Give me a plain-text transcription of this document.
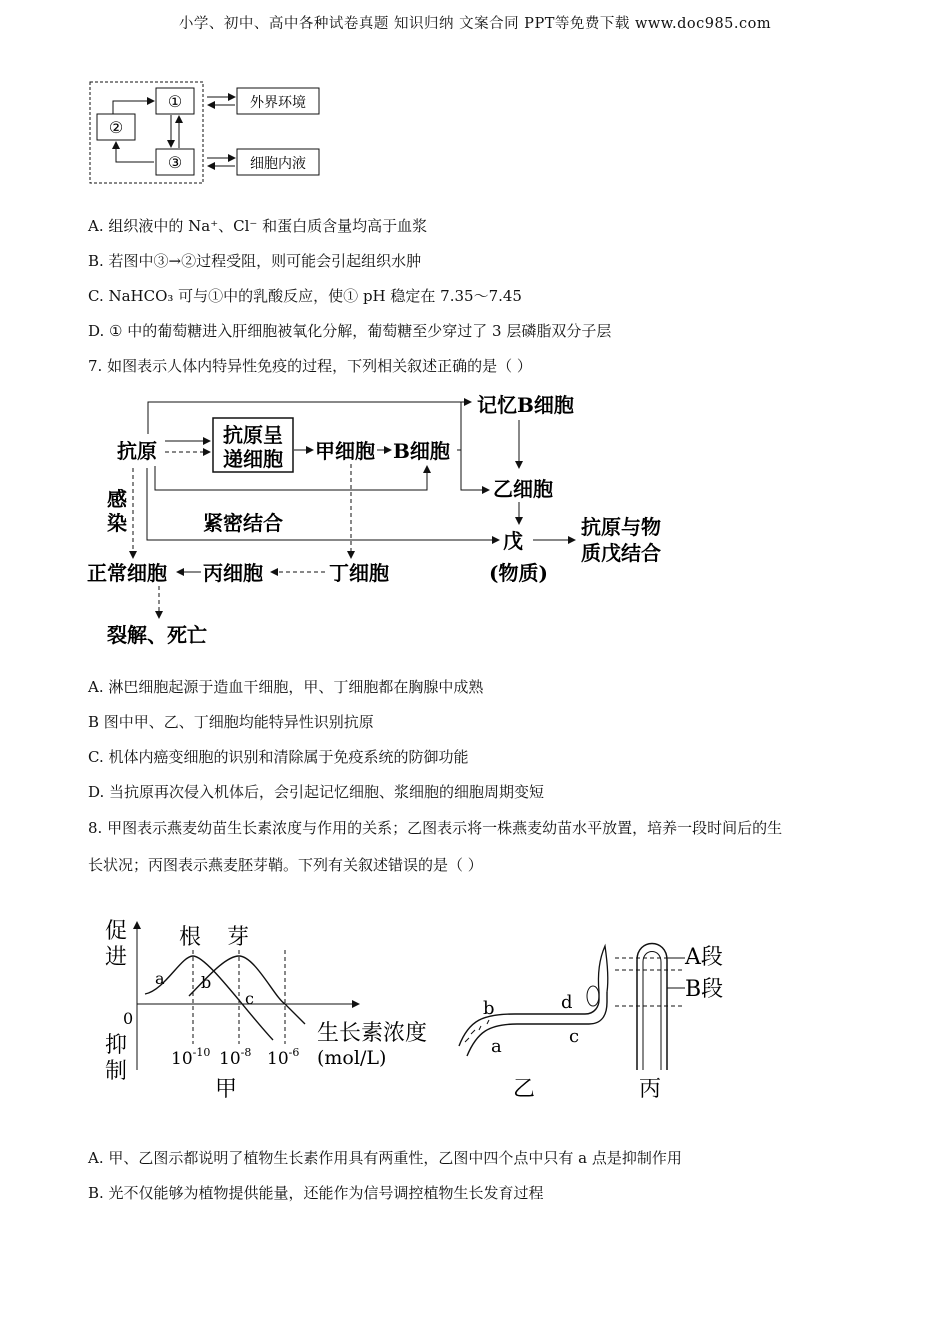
小学、初中、高中各种试卷真题 知识归纳 文案合同 PPT等免费下载 www.doc985.com
①
②
③
外界环境
细胞内液
A. 组织液中的 Na⁺、Cl⁻ 和蛋白质含量均高于血浆
B. 若图中③→②过程受阻，则可能会引起组织水肿
C. NaHCO₃ 可与①中的乳酸反应，使① pH 稳定在 7.35～7.45
D. ① 中的葡萄糖进入肝细胞被氧化分解，葡萄糖至少穿过了 3 层磷脂双分子层
7. 如图表示人体内特异性免疫的过程，下列相关叙述正确的是（ ）
抗原
抗原呈
递细胞 甲细胞 B细胞
记忆B细胞
乙细胞
感
染	紧密结合
戊
(物质)
抗原与物
质戊结合
正常细胞 丙细胞	丁细胞
裂解、死亡
A. 淋巴细胞起源于造血干细胞，甲、丁细胞都在胸腺中成熟
B 图中甲、乙、丁细胞均能特异性识别抗原
C. 机体内癌变细胞的识别和清除属于免疫系统的防御功能
D. 当抗原再次侵入机体后，会引起记忆细胞、浆细胞的细胞周期变短
8. 甲图表示燕麦幼苗生长素浓度与作用的关系；乙图表示将一株燕麦幼苗水平放置，培养一段时间后的生
长状况；丙图表示燕麦胚芽鞘。下列有关叙述错误的是（ ）
促
进
抑
制
根 芽
生长素浓度
(mol/L)
甲
0
a b
c
$10^{-10}$ $10^{-8}$ $10^{-6}$
b
a
d
c
乙
A段
B段
丙
A. 甲、乙图示都说明了植物生长素作用具有两重性，乙图中四个点中只有 a 点是抑制作用
B. 光不仅能够为植物提供能量，还能作为信号调控植物生长发育过程
